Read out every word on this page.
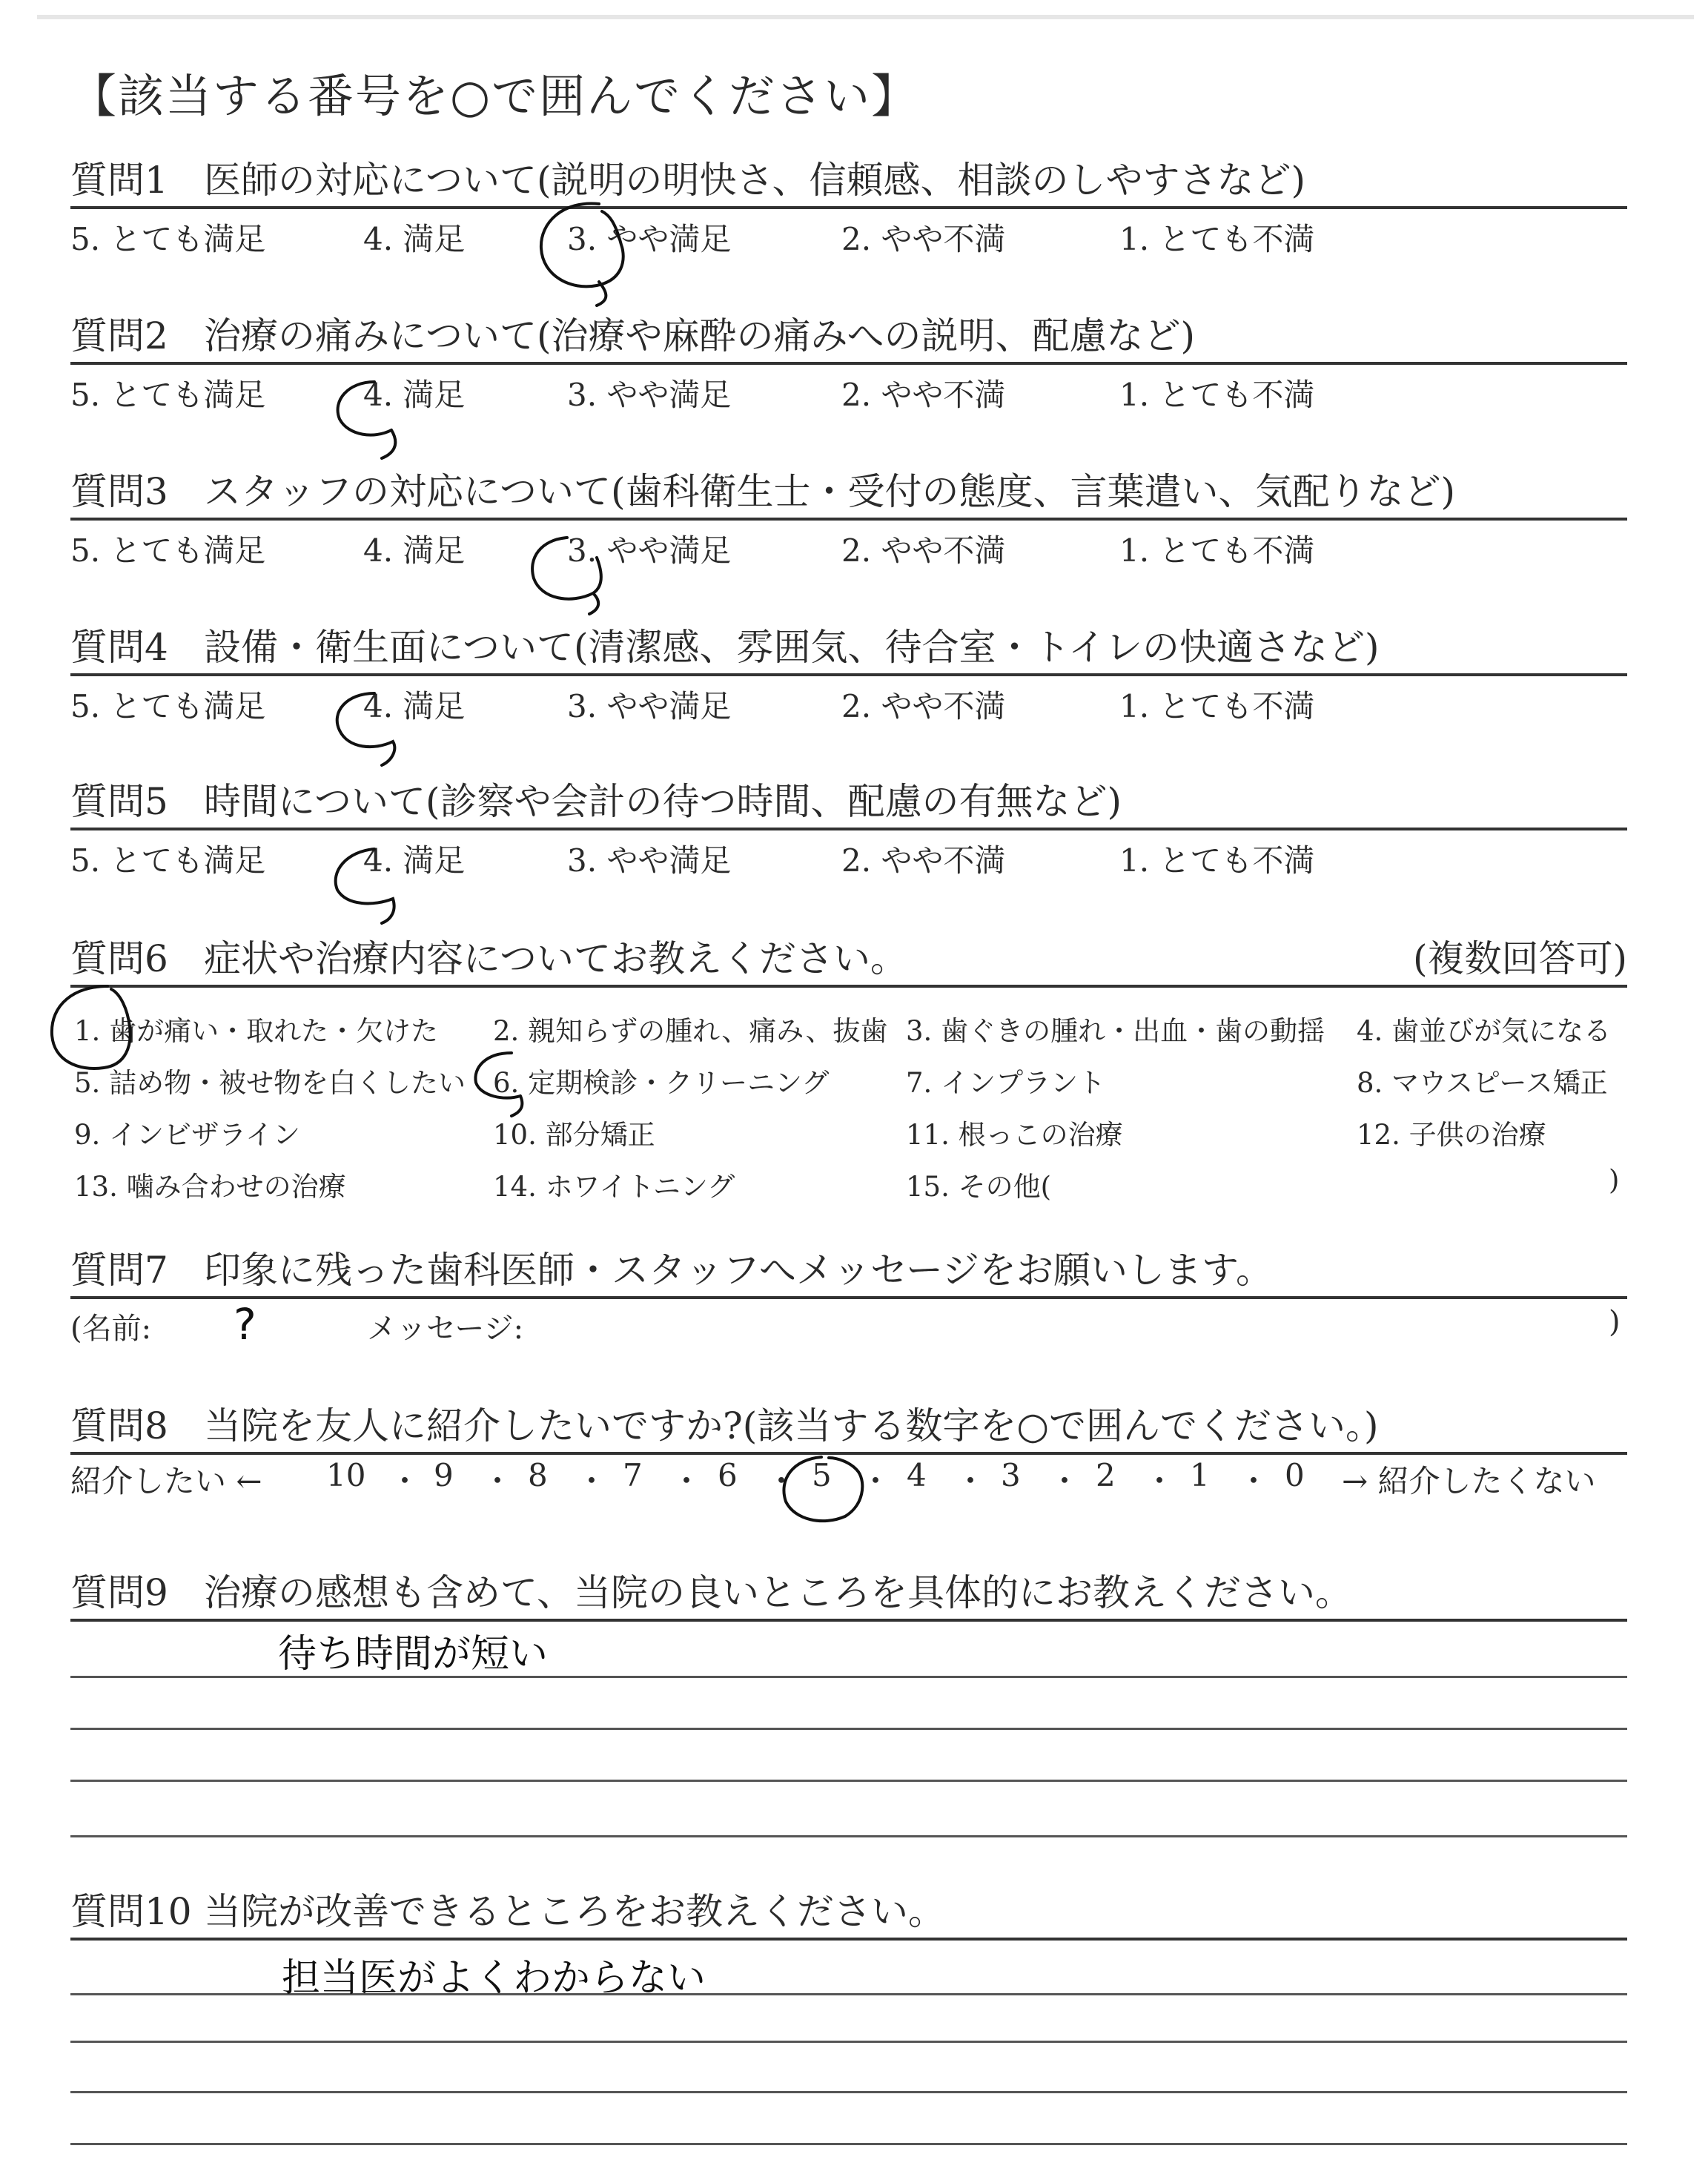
【該当する番号を○で囲んでください】
質問1 医師の対応について(説明の明快さ、信頼感、相談のしやすさなど)
5. とても満足	4. 満足	3. やや満足	2. やや不満	1. とても不満
質問2 治療の痛みについて(治療や麻酔の痛みへの説明、配慮など)
5. とても満足	4. 満足	3. やや満足	2. やや不満	1. とても不満
質問3 スタッフの対応について(歯科衛生士・受付の態度、言葉遣い、気配りなど)
5. とても満足	4. 満足	3. やや満足	2. やや不満	1. とても不満
質問4 設備・衛生面について(清潔感、雰囲気、待合室・トイレの快適さなど)
5. とても満足	4. 満足	3. やや満足	2. やや不満	1. とても不満
質問5 時間について(診察や会計の待つ時間、配慮の有無など)
5. とても満足	4. 満足	3. やや満足	2. やや不満	1. とても不満
質問6 症状や治療内容についてお教えください。	(複数回答可)
1. 歯が痛い・取れた・欠けた 2. 親知らずの腫れ、痛み、抜歯 3. 歯ぐきの腫れ・出血・歯の動揺 4. 歯並びが気になる
5. 詰め物・被せ物を白くしたい 6. 定期検診・クリーニング	7. インプラント	8. マウスピース矯正
9. インビザライン	10. 部分矯正	11. 根っこの治療	12. 子供の治療
13. 噛み合わせの治療	14. ホワイトニング	15. その他(	)
質問7 印象に残った歯科医師・スタッフへメッセージをお願いします。
(名前:	メッセージ:	)
?
質問8 当院を友人に紹介したいですか?(該当する数字を○で囲んでください。)
紹介したい ← 10 ・ 9 ・ 8 ・ 7 ・ 6 ・ 5 ・ 4 ・ 3 ・ 2 ・ 1 ・ 0 → 紹介したくない
質問9 治療の感想も含めて、当院の良いところを具体的にお教えください。
待ち時間が短い
質問10 当院が改善できるところをお教えください。
担当医がよくわからない
